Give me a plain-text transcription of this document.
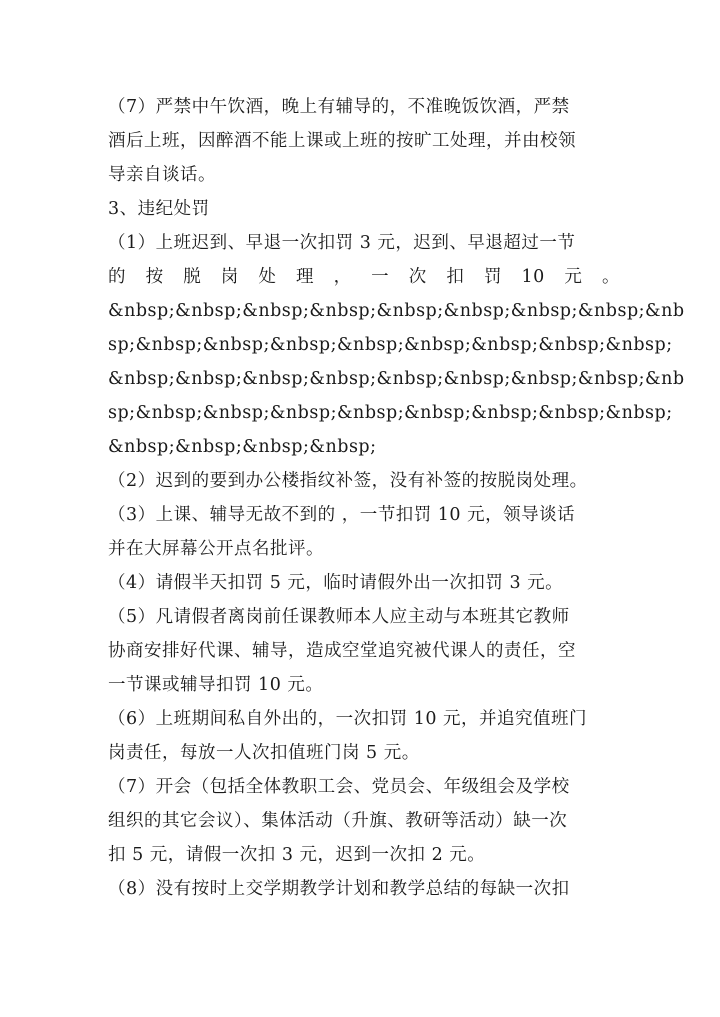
（7）严禁中午饮酒，晚上有辅导的，不准晚饭饮酒，严禁
酒后上班，因醉酒不能上课或上班的按旷工处理，并由校领
导亲自谈话。
3、违纪处罚
（1）上班迟到、早退一次扣罚 3 元，迟到、早退超过一节
的 按 脱 岗 处 理 ， 一 次 扣 罚 10 元 。
&nbsp;&nbsp;&nbsp;&nbsp;&nbsp;&nbsp;&nbsp;&nbsp;&nb
sp;&nbsp;&nbsp;&nbsp;&nbsp;&nbsp;&nbsp;&nbsp;&nbsp;
&nbsp;&nbsp;&nbsp;&nbsp;&nbsp;&nbsp;&nbsp;&nbsp;&nb
sp;&nbsp;&nbsp;&nbsp;&nbsp;&nbsp;&nbsp;&nbsp;&nbsp;
&nbsp;&nbsp;&nbsp;&nbsp;
（2）迟到的要到办公楼指纹补签，没有补签的按脱岗处理。
（3）上课、辅导无故不到的 ，一节扣罚 10 元，领导谈话
并在大屏幕公开点名批评。
（4）请假半天扣罚 5 元，临时请假外出一次扣罚 3 元。
（5）凡请假者离岗前任课教师本人应主动与本班其它教师
协商安排好代课、辅导，造成空堂追究被代课人的责任，空
一节课或辅导扣罚 10 元。
（6）上班期间私自外出的，一次扣罚 10 元，并追究值班门
岗责任，每放一人次扣值班门岗 5 元。
（7）开会（包括全体教职工会、党员会、年级组会及学校
组织的其它会议）、集体活动（升旗、教研等活动）缺一次
扣 5 元，请假一次扣 3 元，迟到一次扣 2 元。
（8）没有按时上交学期教学计划和教学总结的每缺一次扣
